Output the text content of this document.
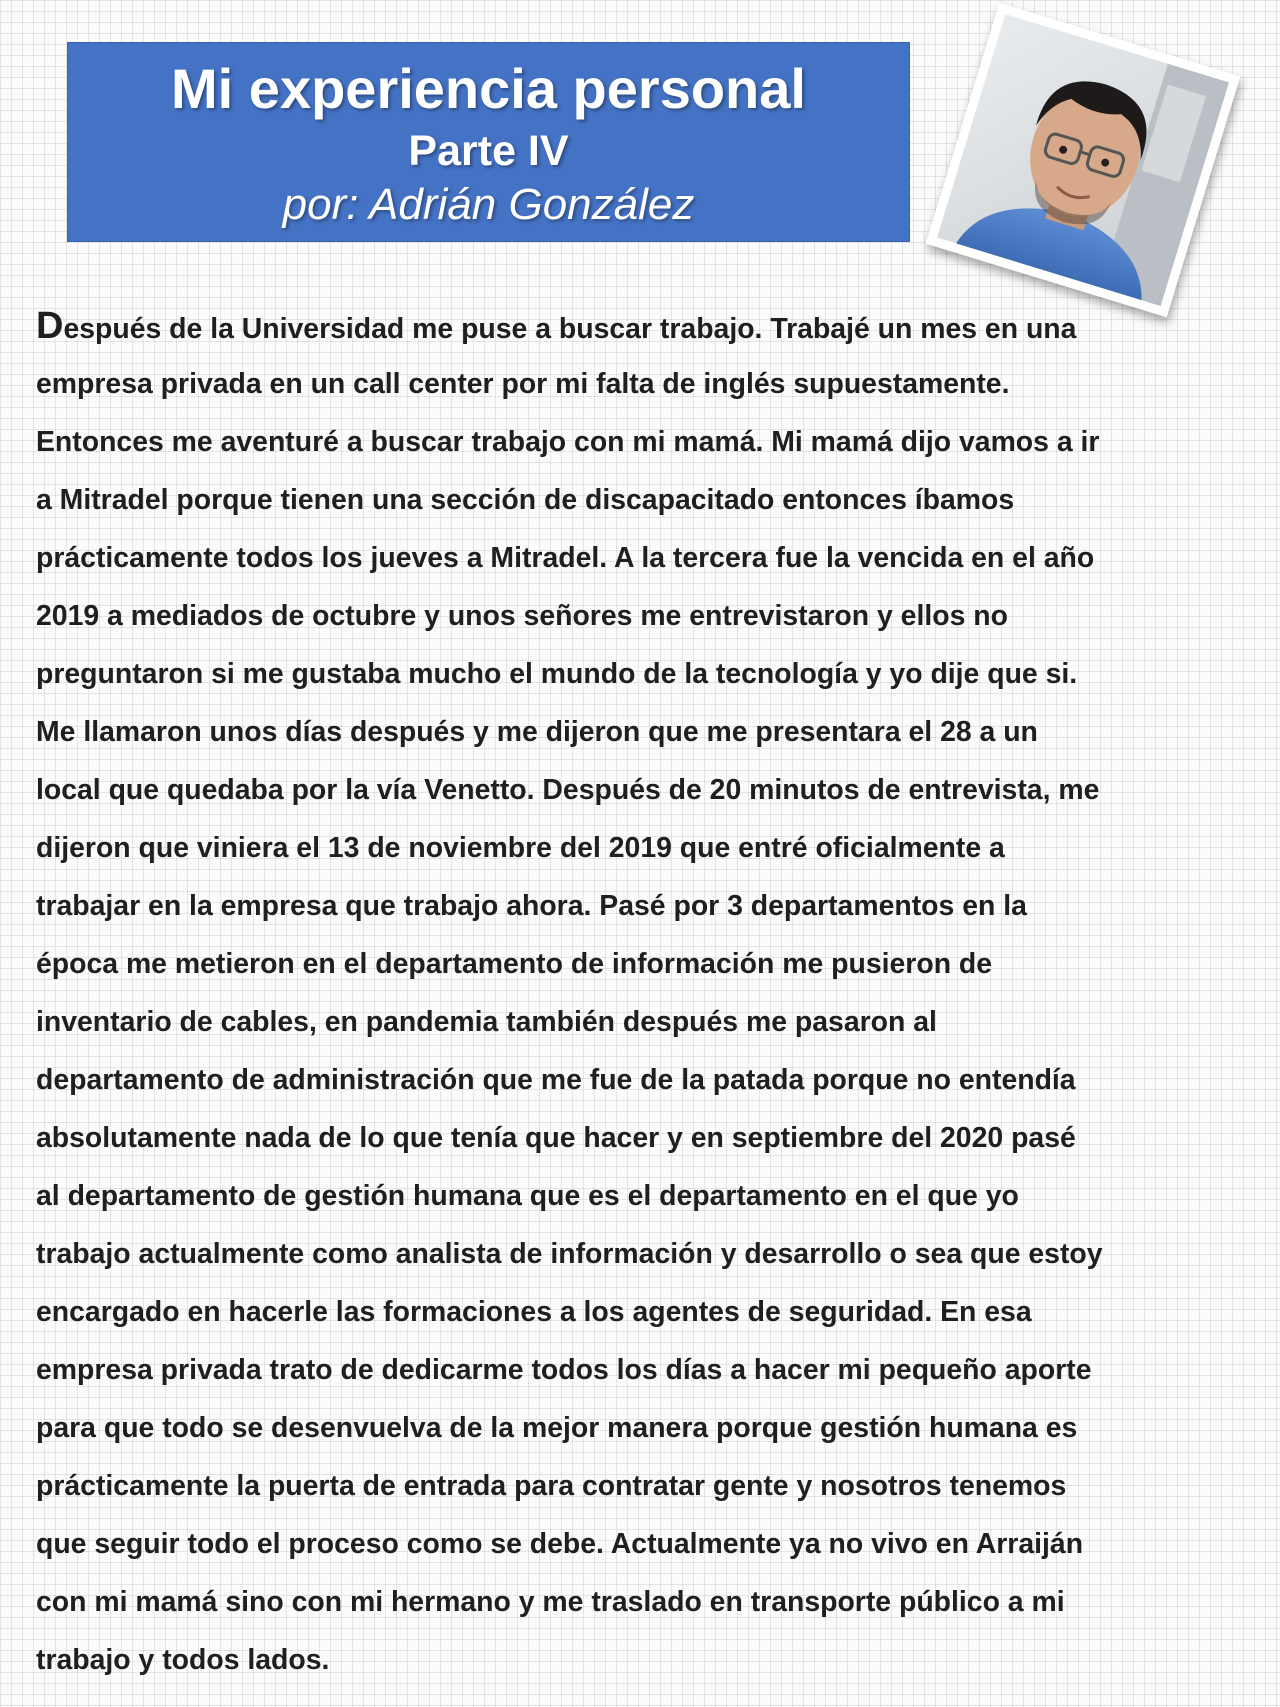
Mi experiencia personal
Parte IV
por: Adrián González
Después de la Universidad me puse a buscar trabajo. Trabajé un mes en una
empresa privada en un call center por mi falta de inglés supuestamente.
Entonces me aventuré a buscar trabajo con mi mamá. Mi mamá dijo vamos a ir
a Mitradel porque tienen una sección de discapacitado entonces íbamos
prácticamente todos los jueves a Mitradel. A la tercera fue la vencida en el año
2019 a mediados de octubre y unos señores me entrevistaron y ellos no
preguntaron si me gustaba mucho el mundo de la tecnología y yo dije que si.
Me llamaron unos días después y me dijeron que me presentara el 28 a un
local que quedaba por la vía Venetto. Después de 20 minutos de entrevista, me
dijeron que viniera el 13 de noviembre del 2019 que entré oficialmente a
trabajar en la empresa que trabajo ahora. Pasé por 3 departamentos en la
época me metieron en el departamento de información me pusieron de
inventario de cables, en pandemia también después me pasaron al
departamento de administración que me fue de la patada porque no entendía
absolutamente nada de lo que tenía que hacer y en septiembre del 2020 pasé
al departamento de gestión humana que es el departamento en el que yo
trabajo actualmente como analista de información y desarrollo o sea que estoy
encargado en hacerle las formaciones a los agentes de seguridad. En esa
empresa privada trato de dedicarme todos los días a hacer mi pequeño aporte
para que todo se desenvuelva de la mejor manera porque gestión humana es
prácticamente la puerta de entrada para contratar gente y nosotros tenemos
que seguir todo el proceso como se debe. Actualmente ya no vivo en Arraiján
con mi mamá sino con mi hermano y me traslado en transporte público a mi
trabajo y todos lados.
